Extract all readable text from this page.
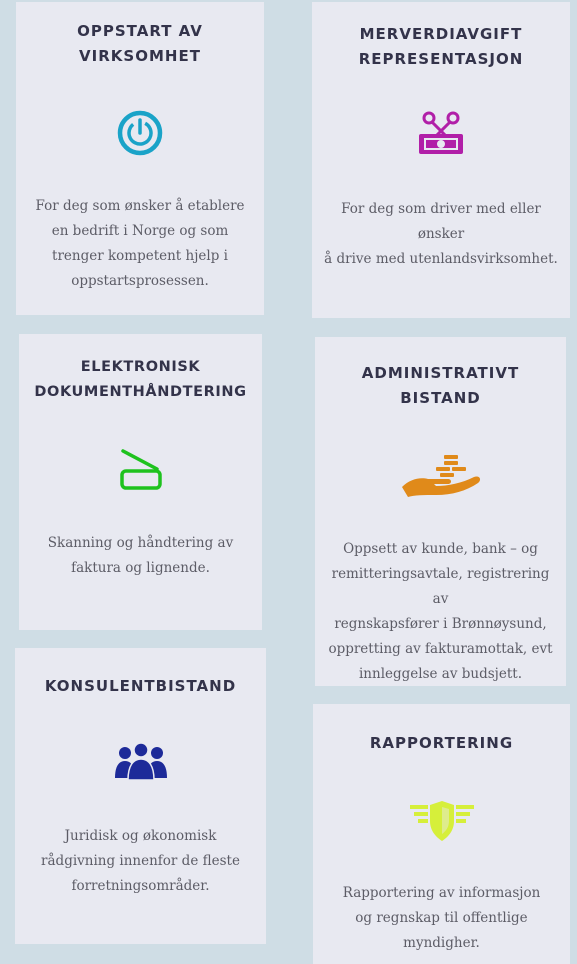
OPPSTART AV
VIRKSOMHET

For deg som ønsker å etablere
en bedrift i Norge og som
trenger kompetent hjelp i
oppstartsprosessen.

MERVERDIAVGIFT
REPRESENTASJON

For deg som driver med eller ønsker
å drive med utenlandsvirksomhet.

ELEKTRONISK
DOKUMENTHÅNDTERING

Skanning og håndtering av
faktura og lignende.

ADMINISTRATIVT
BISTAND

Oppsett av kunde, bank – og
remitteringsavtale, registrering av
regnskapsfører i Brønnøysund,
oppretting av fakturamottak, evt
innleggelse av budsjett.

KONSULENTBISTAND

Juridisk og økonomisk
rådgivning innenfor de fleste
forretningsområder.

RAPPORTERING

Rapportering av informasjon
og regnskap til offentlige
myndigher.
